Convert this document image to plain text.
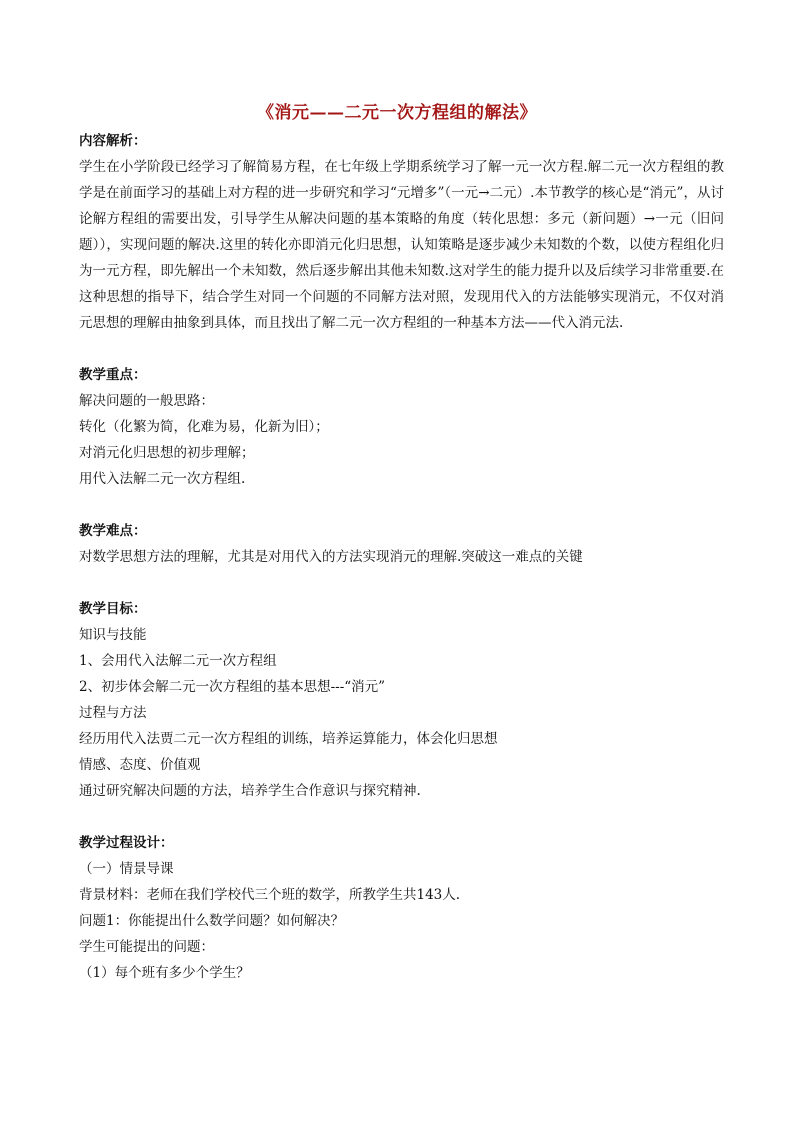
《消元——二元一次方程组的解法》

内容解析：

学生在小学阶段已经学习了解简易方程，在七年级上学期系统学习了解一元一次方程.解二元一次方程组的教学是在前面学习的基础上对方程的进一步研究和学习“元增多”（一元→二元）.本节教学的核心是“消元”，从讨论解方程组的需要出发，引导学生从解决问题的基本策略的角度（转化思想：多元（新问题）→一元（旧问题）），实现问题的解决.这里的转化亦即消元化归思想，认知策略是逐步减少未知数的个数，以使方程组化归为一元方程，即先解出一个未知数，然后逐步解出其他未知数.这对学生的能力提升以及后续学习非常重要.在这种思想的指导下，结合学生对同一个问题的不同解方法对照，发现用代入的方法能够实现消元，不仅对消元思想的理解由抽象到具体，而且找出了解二元一次方程组的一种基本方法——代入消元法.

教学重点：

解决问题的一般思路：

转化（化繁为简，化难为易，化新为旧）；

对消元化归思想的初步理解；

用代入法解二元一次方程组.

教学难点：

对数学思想方法的理解，尤其是对用代入的方法实现消元的理解.突破这一难点的关键

教学目标：

知识与技能

1、会用代入法解二元一次方程组

2、初步体会解二元一次方程组的基本思想---“消元”

过程与方法

经历用代入法贾二元一次方程组的训练，培养运算能力，体会化归思想

情感、态度、价值观

通过研究解决问题的方法，培养学生合作意识与探究精神.

教学过程设计：

（一）情景导课

背景材料：老师在我们学校代三个班的数学，所教学生共143人.

问题1：你能提出什么数学问题？如何解决？

学生可能提出的问题：

（1）每个班有多少个学生？
